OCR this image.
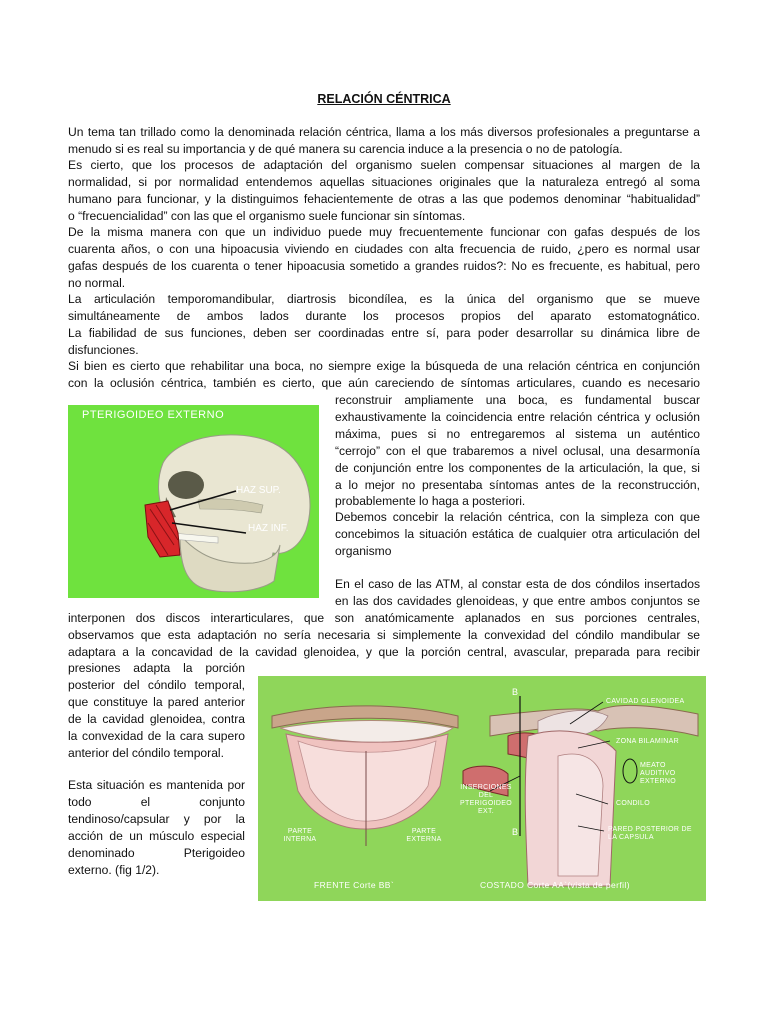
RELACIÓN CÉNTRICA
Un tema tan trillado como la denominada relación céntrica, llama a los más diversos profesionales a preguntarse a
menudo si es real su importancia y de qué manera su carencia induce a la presencia o no de patología.
Es cierto, que los procesos de adaptación del organismo suelen compensar situaciones al margen de la
normalidad, si por normalidad entendemos aquellas situaciones originales que la naturaleza entregó al soma
humano para funcionar, y la distinguimos fehacientemente de otras a las que podemos denominar “habitualidad”
o “frecuencialidad” con las que el organismo suele funcionar sin síntomas.
De la misma manera con que un individuo puede muy frecuentemente funcionar con gafas después de los
cuarenta años, o con una hipoacusia viviendo en ciudades con alta frecuencia de ruido, ¿pero es normal usar
gafas después de los cuarenta o tener hipoacusia sometido a grandes ruidos?: No es frecuente, es habitual, pero
no normal.
La articulación temporomandibular, diartrosis bicondílea, es la única del organismo que se mueve
simultáneamente de ambos lados durante los procesos propios del aparato estomatognático.
La fiabilidad de sus funciones, deben ser coordinadas entre sí, para poder desarrollar su dinámica libre de
disfunciones.
Si bien es cierto que rehabilitar una boca, no siempre exige la búsqueda de una relación céntrica en conjunción
con la oclusión céntrica, también es cierto, que aún careciendo de síntomas articulares, cuando es necesario
reconstruir ampliamente una boca, es fundamental buscar
exhaustivamente la coincidencia entre relación céntrica y oclusión
máxima, pues si no entregaremos al sistema un auténtico
“cerrojo” con el que trabaremos a nivel oclusal, una desarmonía
de conjunción entre los componentes de la articulación, la que, si
a lo mejor no presentaba síntomas antes de la reconstrucción,
probablemente lo haga a posteriori.
Debemos concebir la relación céntrica, con la simpleza con que
concebimos la situación estática de cualquier otra articulación del
organismo
En el caso de las ATM, al constar esta de dos cóndilos insertados
en las dos cavidades glenoideas, y que entre ambos conjuntos se
interponen dos discos interarticulares, que son anatómicamente aplanados en sus porciones centrales,
observamos que esta adaptación no sería necesaria si simplemente la convexidad del cóndilo mandibular se
adaptara a la concavidad de la cavidad glenoidea, y que la porción central, avascular, preparada para recibir
presiones adapta la porción
posterior del cóndilo temporal,
que constituye la pared anterior
de la cavidad glenoidea, contra
la convexidad de la cara supero
anterior del cóndilo temporal.
Esta situación es mantenida por
todo el conjunto
tendinoso/capsular y por la
acción de un músculo especial
denominado Pterigoideo
externo. (fig 1/2).
PTERIGOIDEO EXTERNO
HAZ SUP.
HAZ INF.
B
B
CAVIDAD GLENOIDEA
ZONA BILAMINAR
MEATO AUDITIVO EXTERNO
INSERCIONES DEL PTERIGOIDEO EXT.
CONDILO
PARED POSTERIOR DE LA CAPSULA
PARTE INTERNA
PARTE EXTERNA
FRENTE Corte BB`	COSTADO Corte AA`(vista de perfil)
